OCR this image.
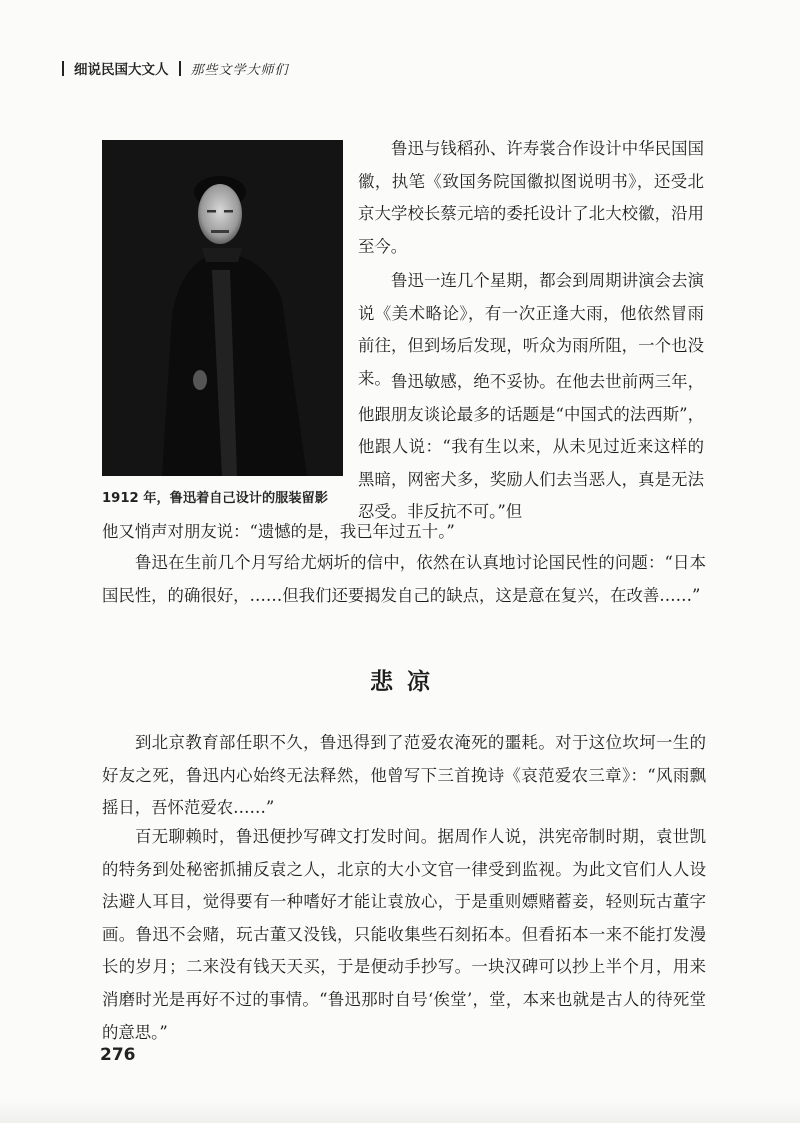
细说民国大文人 那些文学大师们
1912 年，鲁迅着自己设计的服装留影

鲁迅与钱稻孙、许寿裳合作设计中华民国国徽，执笔《致国务院国徽拟图说明书》，还受北京大学校长蔡元培的委托设计了北大校徽，沿用至今。

鲁迅一连几个星期，都会到周期讲演会去演说《美术略论》，有一次正逢大雨，他依然冒雨前往，但到场后发现，听众为雨所阻，一个也没来。 鲁迅敏感，绝不妥协。在他去世前两三年，他跟朋友谈论最多的话题是“中国式的法西斯”，他跟人说：“我有生以来，从未见过近来这样的黑暗，网密犬多，奖励人们去当恶人，真是无法忍受。非反抗不可。”但

他又悄声对朋友说：“遗憾的是，我已年过五十。”

鲁迅在生前几个月写给尤炳圻的信中，依然在认真地讨论国民性的问题：“日本国民性，的确很好，……但我们还要揭发自己的缺点，这是意在复兴，在改善……”

悲凉

到北京教育部任职不久，鲁迅得到了范爱农淹死的噩耗。对于这位坎坷一生的好友之死，鲁迅内心始终无法释然，他曾写下三首挽诗《哀范爱农三章》：“风雨飘摇日，吾怀范爱农……”

百无聊赖时，鲁迅便抄写碑文打发时间。据周作人说，洪宪帝制时期，袁世凯的特务到处秘密抓捕反袁之人，北京的大小文官一律受到监视。为此文官们人人设法避人耳目，觉得要有一种嗜好才能让袁放心，于是重则嫖赌蓄妾，轻则玩古董字画。鲁迅不会赌，玩古董又没钱，只能收集些石刻拓本。但看拓本一来不能打发漫长的岁月；二来没有钱天天买，于是便动手抄写。一块汉碑可以抄上半个月，用来消磨时光是再好不过的事情。“鲁迅那时自号‘俟堂’，堂，本来也就是古人的待死堂的意思。”

276
